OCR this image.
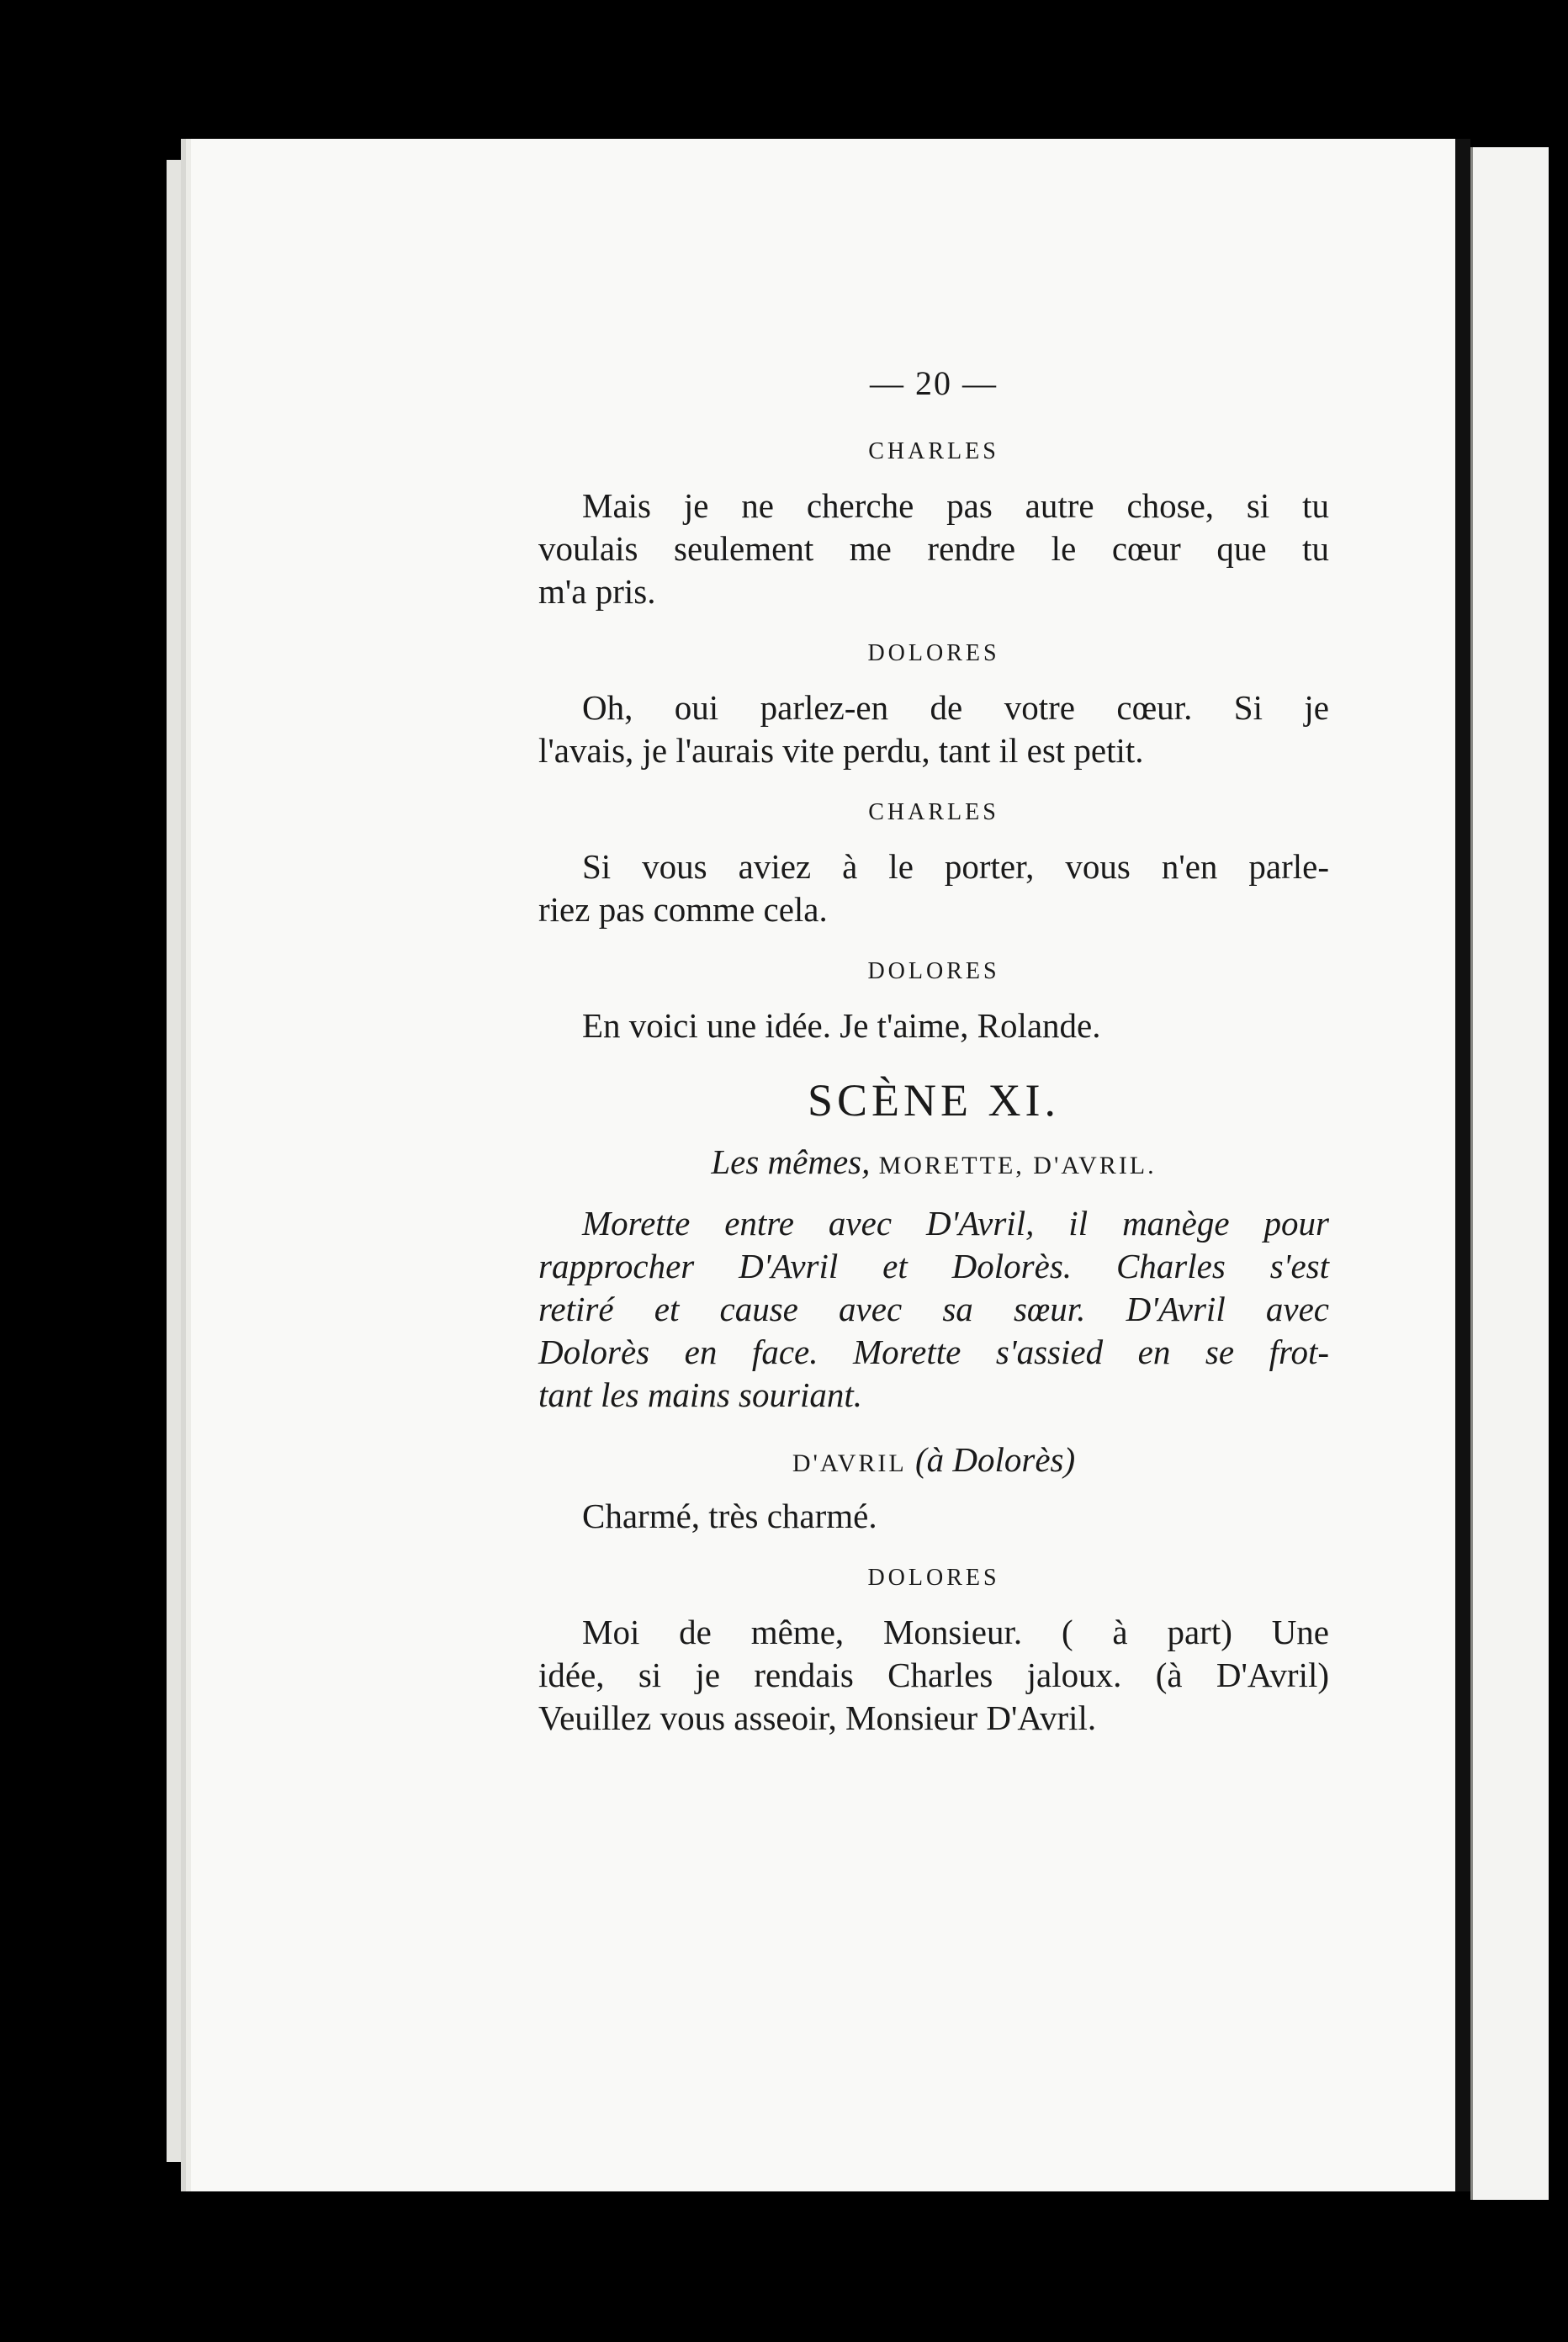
— 20 —
CHARLES
Mais je ne cherche pas autre chose, si tu
voulais seulement me rendre le cœur que tu
m'a pris.
DOLORES
Oh, oui parlez-en de votre cœur. Si je
l'avais, je l'aurais vite perdu, tant il est petit.
CHARLES
Si vous aviez à le porter, vous n'en parle-
riez pas comme cela.
DOLORES
En voici une idée. Je t'aime, Rolande.
SCÈNE XI.
Les mêmes, MORETTE, D'AVRIL.
Morette entre avec D'Avril, il manège pour
rapprocher D'Avril et Dolorès. Charles s'est
retiré et cause avec sa sœur. D'Avril avec
Dolorès en face. Morette s'assied en se frot-
tant les mains souriant.
D'AVRIL (à Dolorès)
Charmé, très charmé.
DOLORES
Moi de même, Monsieur. ( à part) Une
idée, si je rendais Charles jaloux. (à D'Avril)
Veuillez vous asseoir, Monsieur D'Avril.
